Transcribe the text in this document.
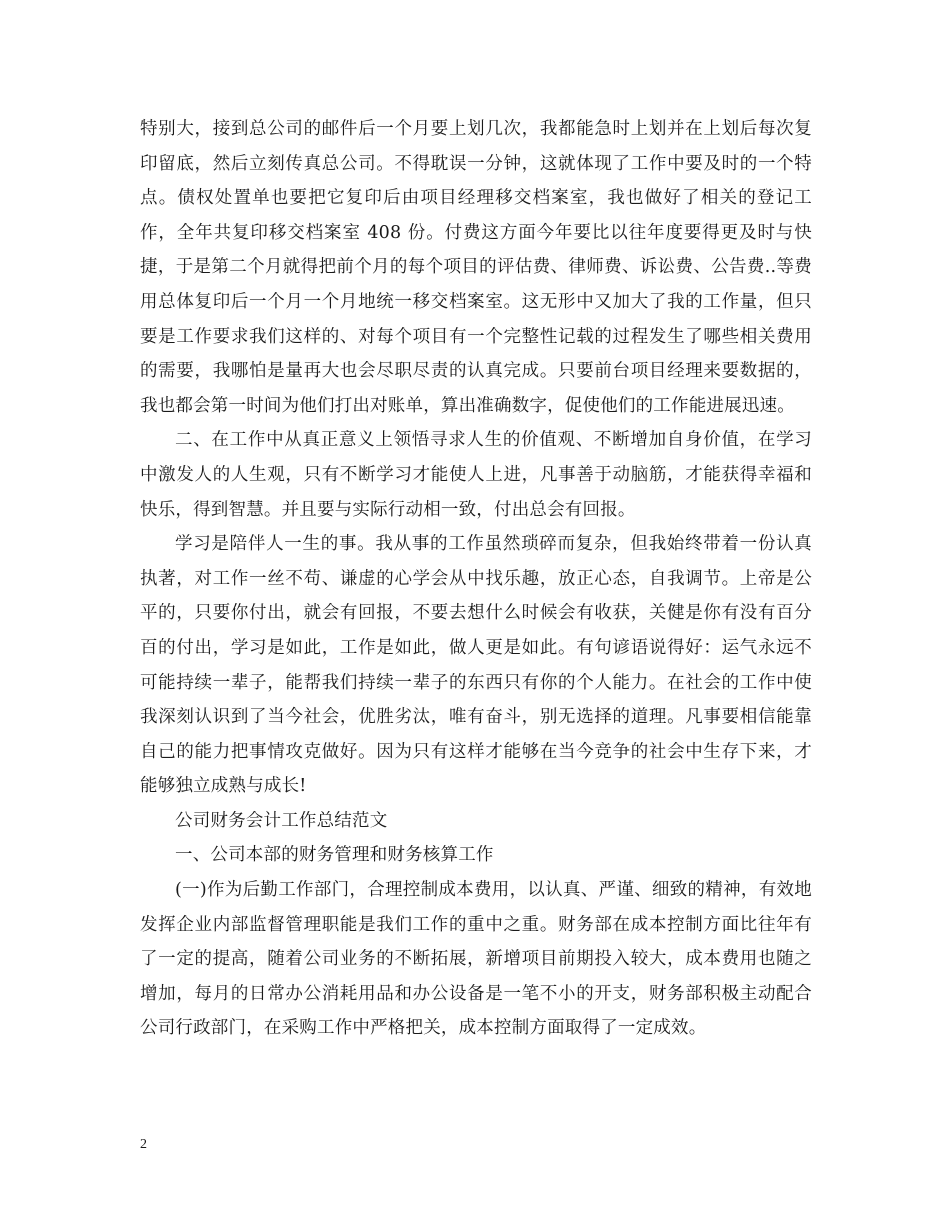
特别大，接到总公司的邮件后一个月要上划几次，我都能急时上划并在上划后每次复印留底，然后立刻传真总公司。不得耽误一分钟，这就体现了工作中要及时的一个特点。债权处置单也要把它复印后由项目经理移交档案室，我也做好了相关的登记工作，全年共复印移交档案室 408 份。付费这方面今年要比以往年度要得更及时与快捷，于是第二个月就得把前个月的每个项目的评估费、律师费、诉讼费、公告费..等费用总体复印后一个月一个月地统一移交档案室。这无形中又加大了我的工作量，但只要是工作要求我们这样的、对每个项目有一个完整性记载的过程发生了哪些相关费用的需要，我哪怕是量再大也会尽职尽责的认真完成。只要前台项目经理来要数据的，我也都会第一时间为他们打出对账单，算出准确数字，促使他们的工作能进展迅速。

二、在工作中从真正意义上领悟寻求人生的价值观、不断增加自身价值，在学习中激发人的人生观，只有不断学习才能使人上进，凡事善于动脑筋，才能获得幸福和快乐，得到智慧。并且要与实际行动相一致，付出总会有回报。

学习是陪伴人一生的事。我从事的工作虽然琐碎而复杂，但我始终带着一份认真执著，对工作一丝不苟、谦虚的心学会从中找乐趣，放正心态，自我调节。上帝是公平的，只要你付出，就会有回报，不要去想什么时候会有收获，关健是你有没有百分百的付出，学习是如此，工作是如此，做人更是如此。有句谚语说得好：运气永远不可能持续一辈子，能帮我们持续一辈子的东西只有你的个人能力。在社会的工作中使我深刻认识到了当今社会，优胜劣汰，唯有奋斗，别无选择的道理。凡事要相信能靠自己的能力把事情攻克做好。因为只有这样才能够在当今竞争的社会中生存下来，才能够独立成熟与成长!

公司财务会计工作总结范文

一、公司本部的财务管理和财务核算工作

(一)作为后勤工作部门，合理控制成本费用，以认真、严谨、细致的精神，有效地发挥企业内部监督管理职能是我们工作的重中之重。财务部在成本控制方面比往年有了一定的提高，随着公司业务的不断拓展，新增项目前期投入较大，成本费用也随之增加，每月的日常办公消耗用品和办公设备是一笔不小的开支，财务部积极主动配合公司行政部门，在采购工作中严格把关，成本控制方面取得了一定成效。

2
